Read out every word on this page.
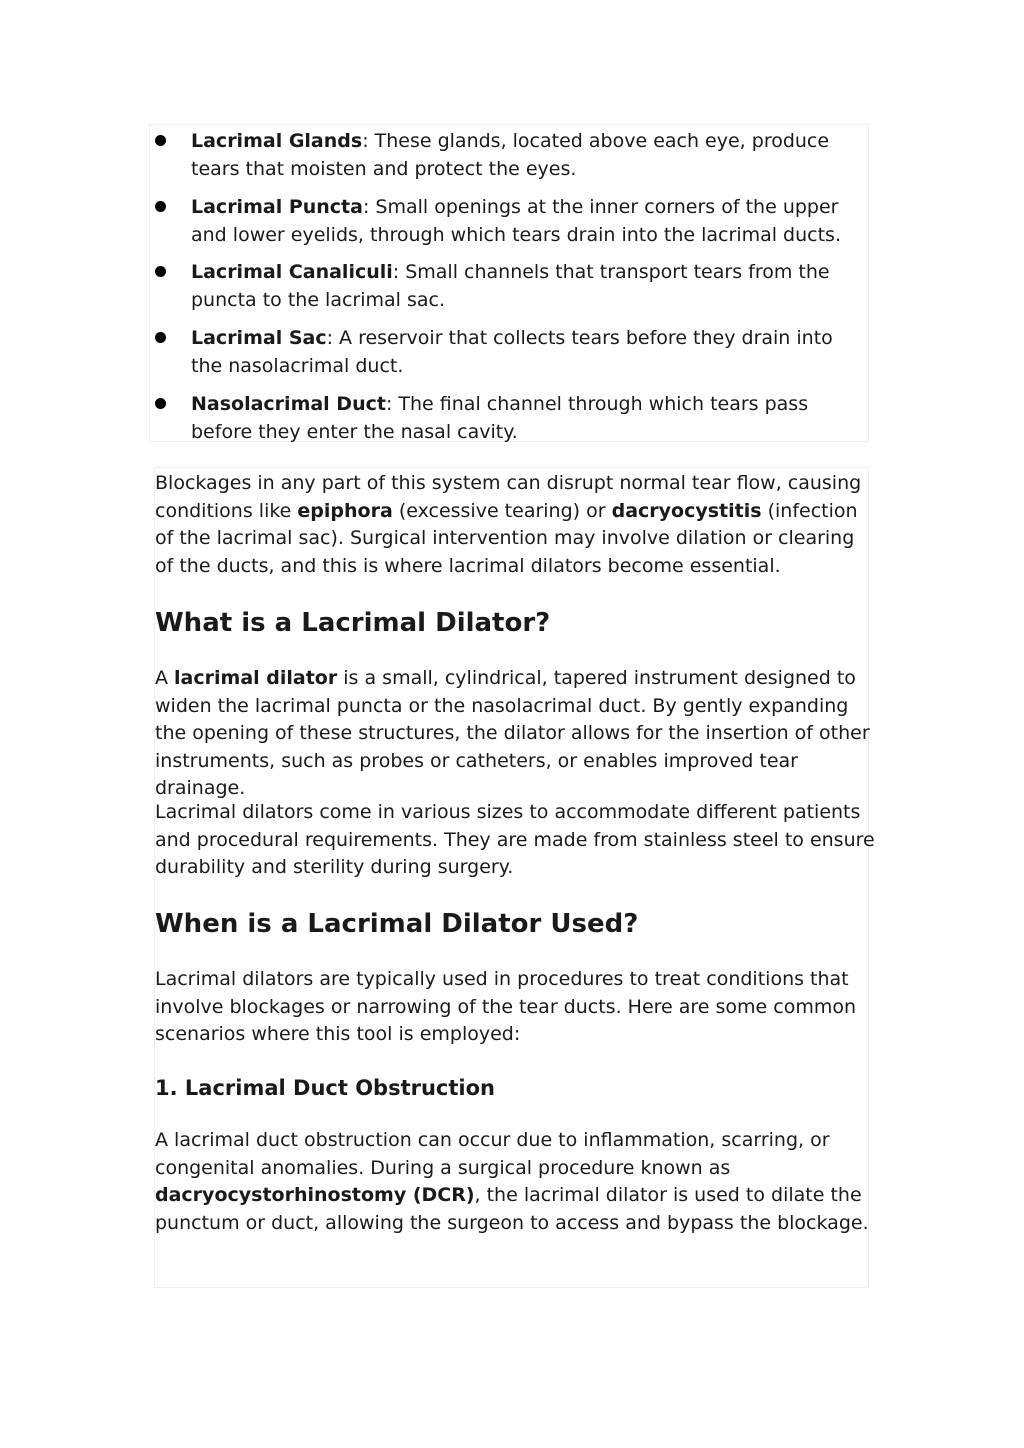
Lacrimal Glands: These glands, located above each eye, produce tears that moisten and protect the eyes.
Lacrimal Puncta: Small openings at the inner corners of the upper and lower eyelids, through which tears drain into the lacrimal ducts.
Lacrimal Canaliculi: Small channels that transport tears from the puncta to the lacrimal sac.
Lacrimal Sac: A reservoir that collects tears before they drain into the nasolacrimal duct.
Nasolacrimal Duct: The final channel through which tears pass before they enter the nasal cavity.

Blockages in any part of this system can disrupt normal tear flow, causing conditions like epiphora (excessive tearing) or dacryocystitis (infection of the lacrimal sac). Surgical intervention may involve dilation or clearing of the ducts, and this is where lacrimal dilators become essential.

What is a Lacrimal Dilator?

A lacrimal dilator is a small, cylindrical, tapered instrument designed to widen the lacrimal puncta or the nasolacrimal duct. By gently expanding the opening of these structures, the dilator allows for the insertion of other instruments, such as probes or catheters, or enables improved tear drainage.

Lacrimal dilators come in various sizes to accommodate different patients and procedural requirements. They are made from stainless steel to ensure durability and sterility during surgery.

When is a Lacrimal Dilator Used?

Lacrimal dilators are typically used in procedures to treat conditions that involve blockages or narrowing of the tear ducts. Here are some common scenarios where this tool is employed:

1. Lacrimal Duct Obstruction

A lacrimal duct obstruction can occur due to inflammation, scarring, or congenital anomalies. During a surgical procedure known as dacryocystorhinostomy (DCR), the lacrimal dilator is used to dilate the punctum or duct, allowing the surgeon to access and bypass the blockage.
